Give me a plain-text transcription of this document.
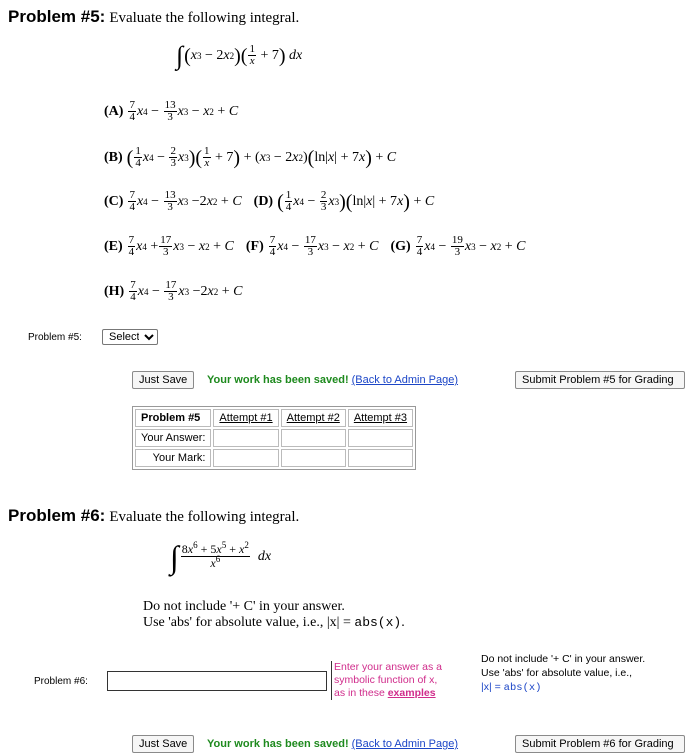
Problem #5: Evaluate the following integral.
∫ ( x 3 − 2 x 2 )( $\frac{1}{x} + 7$ )
dx
$(A) \frac{7}{4}$ x $4 - \frac{13}{3}$ x 3 − x 2 + C
(B) ( $\frac{1}{4}$ x $4 - \frac{2}{3}$ x 3 )( $\frac{1}{x} + 7$ ) + ( x 3 − 2 x 2 ) ( ln| x | + 7 x ) + C
$(C) \frac{7}{4}$ x $4 - \frac{13}{3}$ x 3 −2 x 2 + C (D) ( $\frac{1}{4}$ x $4 - \frac{2}{3}$ x 3 )( ln| x | + 7 x ) + C
$(E) \frac{7}{4}$ x $4 + \frac{17}{3}$ x 3 − x 2 + C $(F) \frac{7}{4}$ x $4 - \frac{17}{3}$ x 3 − x 2 + C $(G) \frac{7}{4}$ x $4 - \frac{19}{3}$ x 3 − x 2 + C
$(H) \frac{7}{4}$ x $4 - \frac{17}{3}$ x 3 −2 x 2 + C
Problem #5:
Select
Just Save	Your work has been saved! (Back to Admin Page)	Submit Problem #5 for Grading
Problem #5	Attempt #1	Attempt #2	Attempt #3
Your Answer:			
Your Mark:			
Problem #6: Evaluate the following integral.
∫ $\frac{8x^6 + 5x^5 + x^2}{x^6}$
dx
Do not include '+ C' in your answer.
Use 'abs' for absolute value, i.e., |x| = abs(x).
Problem #6:
Enter your answer as a
symbolic function of x,
as in these examples
Do not include '+ C' in your answer.
Use 'abs' for absolute value, i.e.,
|x| = abs(x)
Just Save	Your work has been saved! (Back to Admin Page)	Submit Problem #6 for Grading
